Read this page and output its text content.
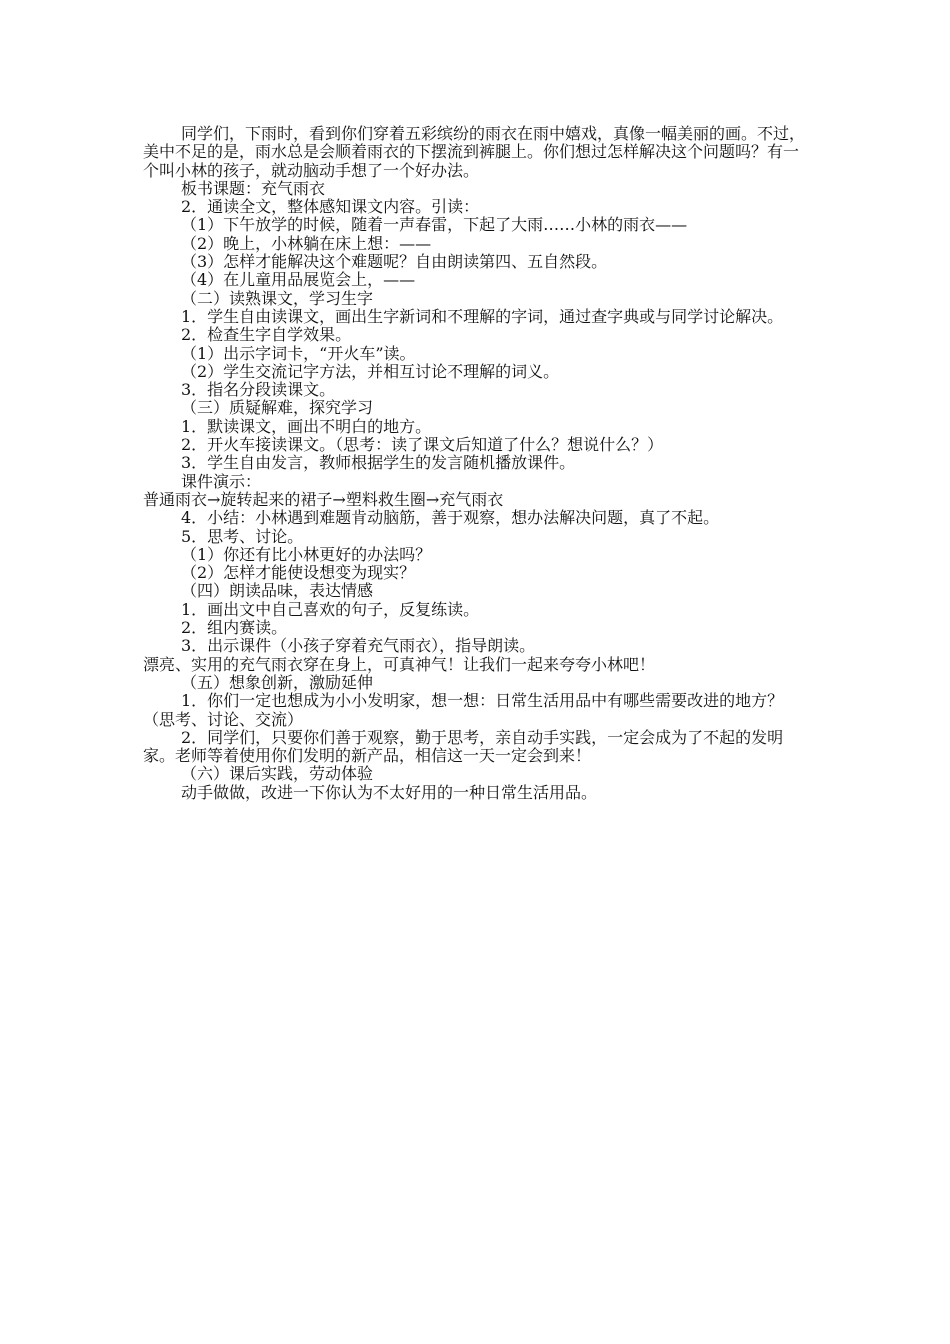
同学们，下雨时，看到你们穿着五彩缤纷的雨衣在雨中嬉戏，真像一幅美丽的画。不过，美中不足的是，雨水总是会顺着雨衣的下摆流到裤腿上。你们想过怎样解决这个问题吗？有一个叫小林的孩子，就动脑动手想了一个好办法。

板书课题：充气雨衣

2．通读全文，整体感知课文内容。引读：

（1）下午放学的时候，随着一声春雷，下起了大雨……小林的雨衣——

（2）晚上，小林躺在床上想：——

（3）怎样才能解决这个难题呢？自由朗读第四、五自然段。

（4）在儿童用品展览会上，——

（二）读熟课文，学习生字

1．学生自由读课文，画出生字新词和不理解的字词，通过查字典或与同学讨论解决。

2．检查生字自学效果。

（1）出示字词卡，“开火车”读。

（2）学生交流记字方法，并相互讨论不理解的词义。

3．指名分段读课文。

（三）质疑解难，探究学习

1．默读课文，画出不明白的地方。

2．开火车接读课文。（思考：读了课文后知道了什么？想说什么？）

3．学生自由发言，教师根据学生的发言随机播放课件。

课件演示：

普通雨衣→旋转起来的裙子→塑料救生圈→充气雨衣

4．小结：小林遇到难题肯动脑筋，善于观察，想办法解决问题，真了不起。

5．思考、讨论。

（1）你还有比小林更好的办法吗？

（2）怎样才能使设想变为现实？

（四）朗读品味，表达情感

1．画出文中自己喜欢的句子，反复练读。

2．组内赛读。

3．出示课件（小孩子穿着充气雨衣），指导朗读。

漂亮、实用的充气雨衣穿在身上，可真神气！让我们一起来夸夸小林吧！

（五）想象创新，激励延伸

1．你们一定也想成为小小发明家，想一想：日常生活用品中有哪些需要改进的地方？（思考、讨论、交流）

2．同学们，只要你们善于观察，勤于思考，亲自动手实践，一定会成为了不起的发明家。老师等着使用你们发明的新产品，相信这一天一定会到来！

（六）课后实践，劳动体验

动手做做，改进一下你认为不太好用的一种日常生活用品。
